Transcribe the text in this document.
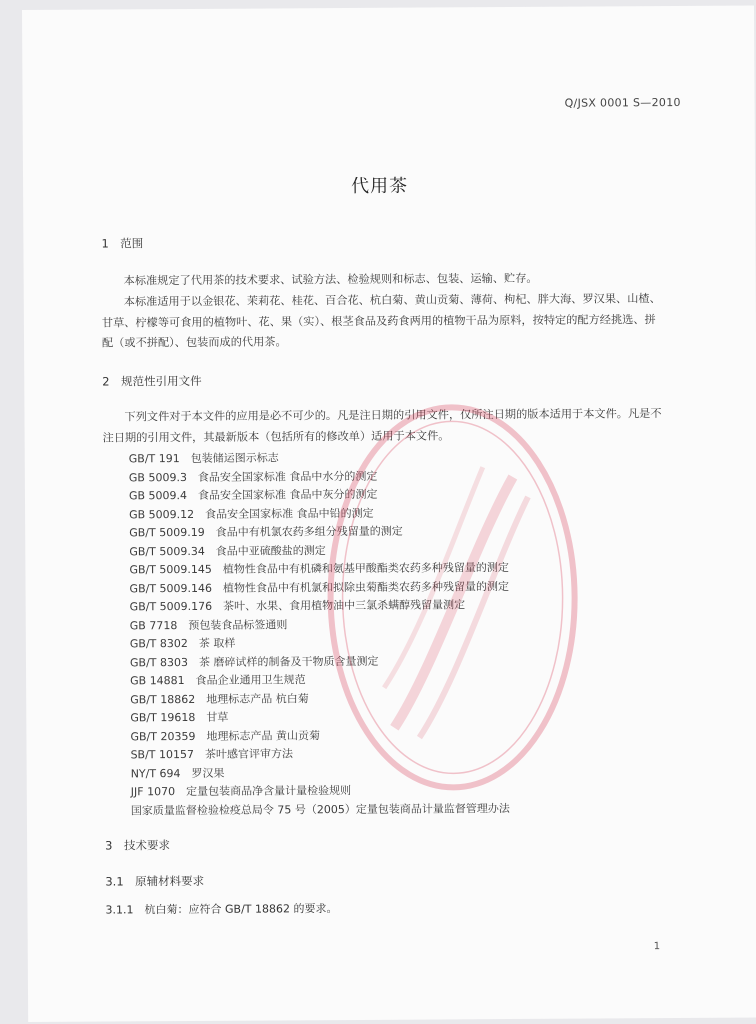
Q/JSX 0001 S—2010
代用茶
1　范围
本标准规定了代用茶的技术要求、试验方法、检验规则和标志、包装、运输、贮存。
本标准适用于以金银花、茉莉花、桂花、百合花、杭白菊、黄山贡菊、薄荷、枸杞、胖大海、罗汉果、山楂、甘草、柠檬等可食用的植物叶、花、果（实）、根茎食品及药食两用的植物干品为原料，按特定的配方经挑选、拼配（或不拼配）、包装而成的代用茶。
2　规范性引用文件
下列文件对于本文件的应用是必不可少的。凡是注日期的引用文件，仅所注日期的版本适用于本文件。凡是不注日期的引用文件，其最新版本（包括所有的修改单）适用于本文件。
GB/T 191　包装储运图示标志
GB 5009.3　食品安全国家标准 食品中水分的测定
GB 5009.4　食品安全国家标准 食品中灰分的测定
GB 5009.12　食品安全国家标准 食品中铅的测定
GB/T 5009.19　食品中有机氯农药多组分残留量的测定
GB/T 5009.34　食品中亚硫酸盐的测定
GB/T 5009.145　植物性食品中有机磷和氨基甲酸酯类农药多种残留量的测定
GB/T 5009.146　植物性食品中有机氯和拟除虫菊酯类农药多种残留量的测定
GB/T 5009.176　茶叶、水果、食用植物油中三氯杀螨醇残留量测定
GB 7718　预包装食品标签通则
GB/T 8302　茶 取样
GB/T 8303　茶 磨碎试样的制备及干物质含量测定
GB 14881　食品企业通用卫生规范
GB/T 18862　地理标志产品 杭白菊
GB/T 19618　甘草
GB/T 20359　地理标志产品 黄山贡菊
SB/T 10157　茶叶感官评审方法
NY/T 694　罗汉果
JJF 1070　定量包装商品净含量计量检验规则
国家质量监督检验检疫总局令 75 号（2005）定量包装商品计量监督管理办法
3　技术要求
3.1　原辅材料要求
3.1.1　杭白菊：应符合 GB/T 18862 的要求。
1
